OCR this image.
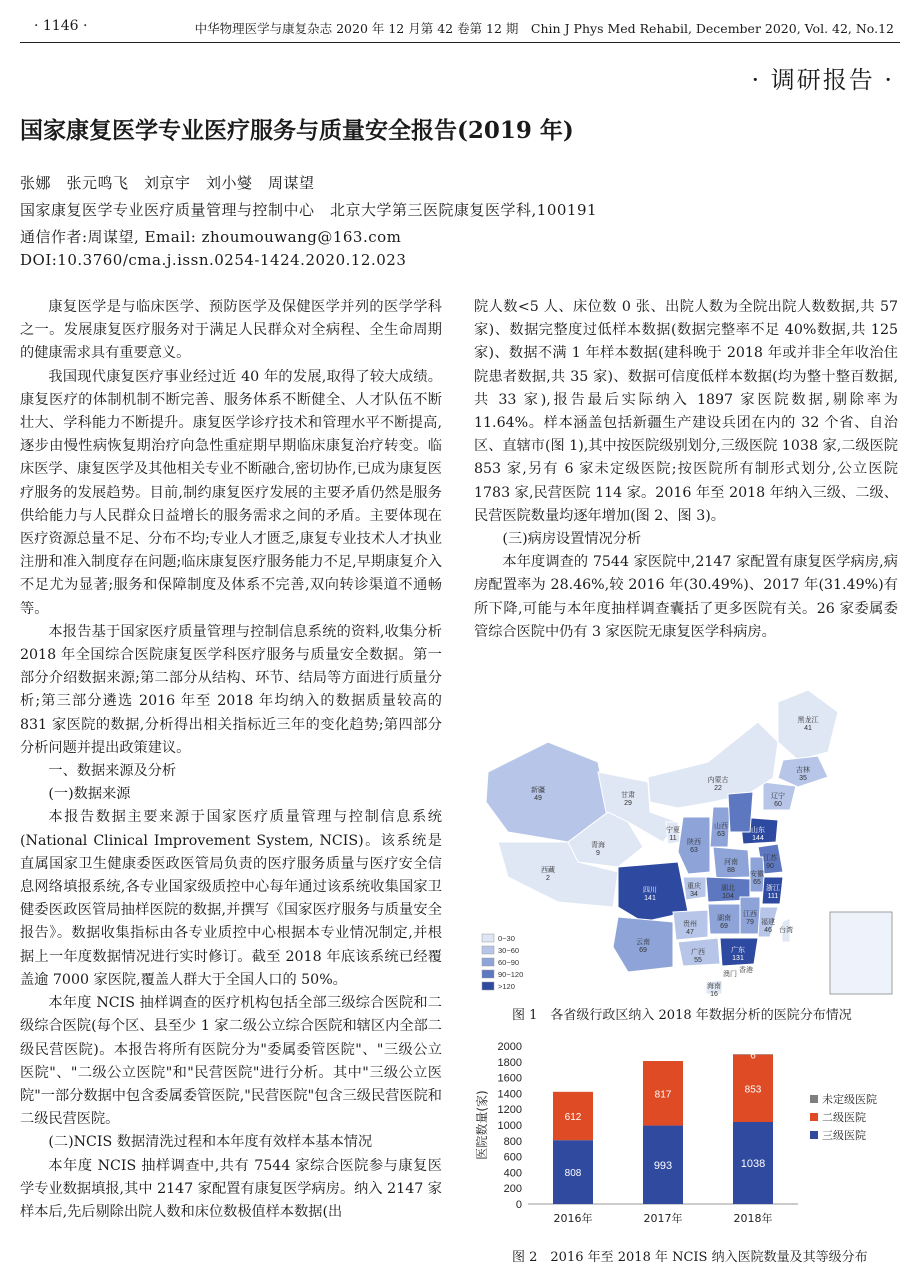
· 1146 ·	中华物理医学与康复杂志 2020 年 12 月第 42 卷第 12 期　Chin J Phys Med Rehabil, December 2020, Vol. 42, No.12
· 调研报告 ·
国家康复医学专业医疗服务与质量安全报告(2019 年)
张娜　张元鸣飞　刘京宇　刘小燮　周谋望
国家康复医学专业医疗质量管理与控制中心　北京大学第三医院康复医学科,100191
通信作者:周谋望, Email: zhoumouwang@163.com
DOI:10.3760/cma.j.issn.0254-1424.2020.12.023

康复医学是与临床医学、预防医学及保健医学并列的医学学科之一。发展康复医疗服务对于满足人民群众对全病程、全生命周期的健康需求具有重要意义。

我国现代康复医疗事业经过近 40 年的发展,取得了较大成绩。康复医疗的体制机制不断完善、服务体系不断健全、人才队伍不断壮大、学科能力不断提升。康复医学诊疗技术和管理水平不断提高,逐步由慢性病恢复期治疗向急性重症期早期临床康复治疗转变。临床医学、康复医学及其他相关专业不断融合,密切协作,已成为康复医疗服务的发展趋势。目前,制约康复医疗发展的主要矛盾仍然是服务供给能力与人民群众日益增长的服务需求之间的矛盾。主要体现在医疗资源总量不足、分布不均;专业人才匮乏,康复专业技术人才执业注册和准入制度存在问题;临床康复医疗服务能力不足,早期康复介入不足尤为显著;服务和保障制度及体系不完善,双向转诊渠道不通畅等。

本报告基于国家医疗质量管理与控制信息系统的资料,收集分析 2018 年全国综合医院康复医学科医疗服务与质量安全数据。第一部分介绍数据来源;第二部分从结构、环节、结局等方面进行质量分析;第三部分遴选 2016 年至 2018 年均纳入的数据质量较高的 831 家医院的数据,分析得出相关指标近三年的变化趋势;第四部分分析问题并提出政策建议。

一、数据来源及分析

(一)数据来源

本报告数据主要来源于国家医疗质量管理与控制信息系统(National Clinical Improvement System, NCIS)。该系统是直属国家卫生健康委医政医管局负责的医疗服务质量与医疗安全信息网络填报系统,各专业国家级质控中心每年通过该系统收集国家卫健委医政医管局抽样医院的数据,并撰写《国家医疗服务与质量安全报告》。数据收集指标由各专业质控中心根据本专业情况制定,并根据上一年度数据情况进行实时修订。截至 2018 年底该系统已经覆盖逾 7000 家医院,覆盖人群大于全国人口的 50%。

本年度 NCIS 抽样调查的医疗机构包括全部三级综合医院和二级综合医院(每个区、县至少 1 家二级公立综合医院和辖区内全部二级民营医院)。本报告将所有医院分为"委属委管医院"、"三级公立医院"、"二级公立医院"和"民营医院"进行分析。其中"三级公立医院"一部分数据中包含委属委管医院,"民营医院"包含三级民营医院和二级民营医院。

(二)NCIS 数据清洗过程和本年度有效样本基本情况

本年度 NCIS 抽样调查中,共有 7544 家综合医院参与康复医学专业数据填报,其中 2147 家配置有康复医学病房。纳入 2147 家样本后,先后剔除出院人数和床位数极值样本数据(出

院人数<5 人、床位数 0 张、出院人数为全院出院人数数据,共 57 家)、数据完整度过低样本数据(数据完整率不足 40%数据,共 125 家)、数据不满 1 年样本数据(建科晚于 2018 年或并非全年收治住院患者数据,共 35 家)、数据可信度低样本数据(均为整十整百数据,共 33 家),报告最后实际纳入 1897 家医院数据,剔除率为 11.64%。样本涵盖包括新疆生产建设兵团在内的 32 个省、自治区、直辖市(图 1),其中按医院级别划分,三级医院 1038 家,二级医院 853 家,另有 6 家未定级医院;按医院所有制形式划分,公立医院 1783 家,民营医院 114 家。2016 年至 2018 年纳入三级、二级、民营医院数量均逐年增加(图 2、图 3)。

(三)病房设置情况分析

本年度调查的 7544 家医院中,2147 家配置有康复医学病房,病房配置率为 28.46%,较 2016 年(30.49%)、2017 年(31.49%)有所下降,可能与本年度抽样调查囊括了更多医院有关。26 家委属委管综合医院中仍有 3 家医院无康复医学科病房。

黑龙江
41
吉林
35
辽宁
60
内蒙古
22
新疆
49	甘肃
29
青海
9
西藏
2
宁夏
11
山西
63
陕西
63
河南
88
山东
144
江苏
90
安徽
65
四川
141
重庆
34
湖北
104
湖南
69
江西
79
浙江
111
福建
46
贵州
47
云南
69	广西
55
广东
131
海南
16
台湾
香港
澳门
0~30
30~60
60~90
90~120
>120
图 1　各省级行政区纳入 2018 年数据分析的医院分布情况
0
200
400
600
800
1000
1200
1400
1600
1800
2000
医院数量(家)
808
612
2016年
993
817
2017年
1038
853
6
2018年
未定级医院
二级医院
三级医院
图 2　2016 年至 2018 年 NCIS 纳入医院数量及其等级分布
